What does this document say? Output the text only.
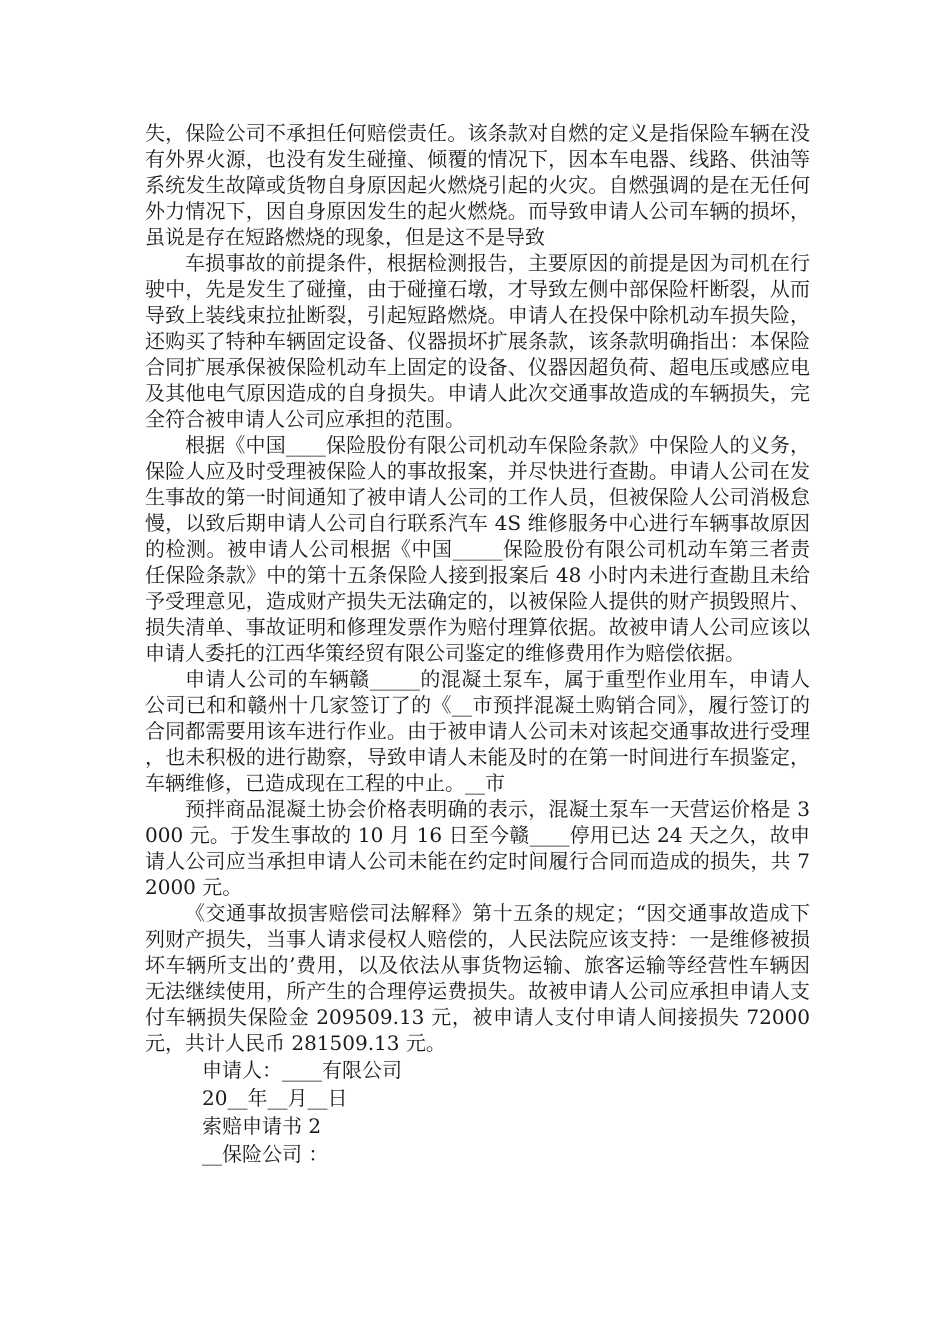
失，保险公司不承担任何赔偿责任。该条款对自燃的定义是指保险车辆在没有外界火源，也没有发生碰撞、倾覆的情况下，因本车电器、线路、供油等系统发生故障或货物自身原因起火燃烧引起的火灾。自燃强调的是在无任何外力情况下，因自身原因发生的起火燃烧。而导致申请人公司车辆的损坏，虽说是存在短路燃烧的现象，但是这不是导致

车损事故的前提条件，根据检测报告，主要原因的前提是因为司机在行驶中，先是发生了碰撞，由于碰撞石墩，才导致左侧中部保险杆断裂，从而导致上装线束拉扯断裂，引起短路燃烧。申请人在投保中除机动车损失险，还购买了特种车辆固定设备、仪器损坏扩展条款，该条款明确指出：本保险合同扩展承保被保险机动车上固定的设备、仪器因超负荷、超电压或感应电及其他电气原因造成的自身损失。申请人此次交通事故造成的车辆损失，完全符合被申请人公司应承担的范围。

根据《中国____保险股份有限公司机动车保险条款》中保险人的义务，保险人应及时受理被保险人的事故报案，并尽快进行查勘。申请人公司在发生事故的第一时间通知了被申请人公司的工作人员，但被保险人公司消极怠慢，以致后期申请人公司自行联系汽车 4S 维修服务中心进行车辆事故原因的检测。被申请人公司根据《中国_____保险股份有限公司机动车第三者责任保险条款》中的第十五条保险人接到报案后 48 小时内未进行查勘且未给予受理意见，造成财产损失无法确定的，以被保险人提供的财产损毁照片、损失清单、事故证明和修理发票作为赔付理算依据。故被申请人公司应该以申请人委托的江西华策经贸有限公司鉴定的维修费用作为赔偿依据。

申请人公司的车辆赣_____的混凝土泵车，属于重型作业用车，申请人公司已和和赣州十几家签订了的《__市预拌混凝土购销合同》，履行签订的合同都需要用该车进行作业。由于被申请人公司未对该起交通事故进行受理，也未积极的进行勘察，导致申请人未能及时的在第一时间进行车损鉴定，车辆维修，已造成现在工程的中止。__市

预拌商品混凝土协会价格表明确的表示，混凝土泵车一天营运价格是 3000 元。于发生事故的 10 月 16 日至今赣____停用已达 24 天之久，故申请人公司应当承担申请人公司未能在约定时间履行合同而造成的损失，共 72000 元。

《交通事故损害赔偿司法解释》第十五条的规定；“因交通事故造成下列财产损失，当事人请求侵权人赔偿的，人民法院应该支持：一是维修被损坏车辆所支出的’费用，以及依法从事货物运输、旅客运输等经营性车辆因无法继续使用，所产生的合理停运费损失。故被申请人公司应承担申请人支付车辆损失保险金 209509.13 元，被申请人支付申请人间接损失 72000 元，共计人民币 281509.13 元。

申请人：____有限公司

20__年__月__日

索赔申请书 2

__保险公司 ：
